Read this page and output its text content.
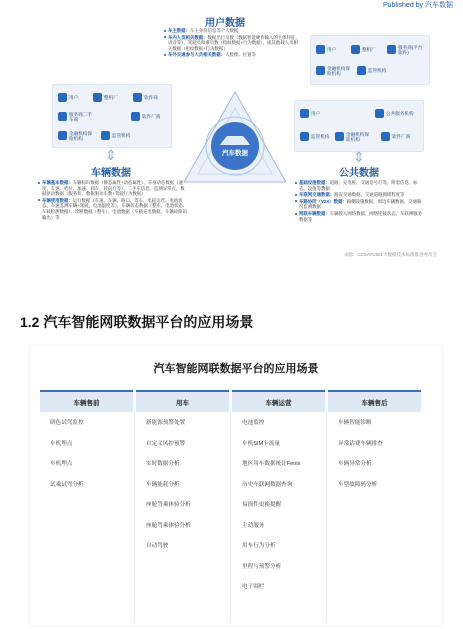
Published by 汽车数据
用户数据
车主数据：车主身份信息等个人数据
车内人员相关数据：数据出行及数（数据智能硬件输入的主体特征、语音等），驾驶员和乘员数（指纹数据+行为数据），或其他载人员相关数据（指纹数据+行为数据）
车外交通参与人员相关数据：人脸像、位置等
用户	整机厂	服务商(平台软件)
金融机构保险机构	监管机构
用户	整机厂	软件商
服务商二手车商	软件厂商
金融机构保险机构	监管机构
⇕
车辆数据
车辆基本数据：车辆标识数据（静态属性+动态属性）、车身动态数据（速度、车速、档位、加速、刹车、转向灯等）、二手车信息、监测异常点、数据驱动数据（服务状、数据驱动车数+驾驶行为数据）
车辆使用数据：运行数据（车速、车辆、路口、驾车、电耗运营、电池状态、车速监测车辆+驾驶、电池温度等），车辆状态数据（整车、电池状态、车载检测数据）、诊断数据（整车）、电池数据（车载充电数据、车辆故障码输出）等
汽车数据
用户	公共服务机构
监管机构	金融机构保险机构	软件厂商
⇕
公共数据
基础设施数据：道路、充电桩、交通信号灯等，附着信息、标志、设施等数据
车联网交通数据：路况交通数据、交通道路拥堵程度等
车路协同（V2X）数据：路侧设施数据、周边车辆数据、交通路况监测数据
网联车辆数据：车辆接入网络数据、网络连接状态、车联网服务数据等
来源：CCSATC601大数据技术标准推进委员会
1.2 汽车智能网联数据平台的应用场景
汽车智能网联数据平台的应用场景
车辆售前
研色试驾监控
车机埋点
车机埋点
试乘试驾分析
用车
新能源预警处置
自定义风控预警
实时数据分析
车辆能耗分析
座舱驾乘体验分析
座舱驾乘体验分析
自动驾驶
车辆运营
电池监控
车机SIM卡流量
地区用车数据统计Fenix
历史车联网数据查询
易损件更换提醒
主动服务
用车行为分析
里程与预警分析
电子围栏
车辆售后
车辆智能诊断
异常话费车辆排查
车辆异常分析
车型故障码分析
